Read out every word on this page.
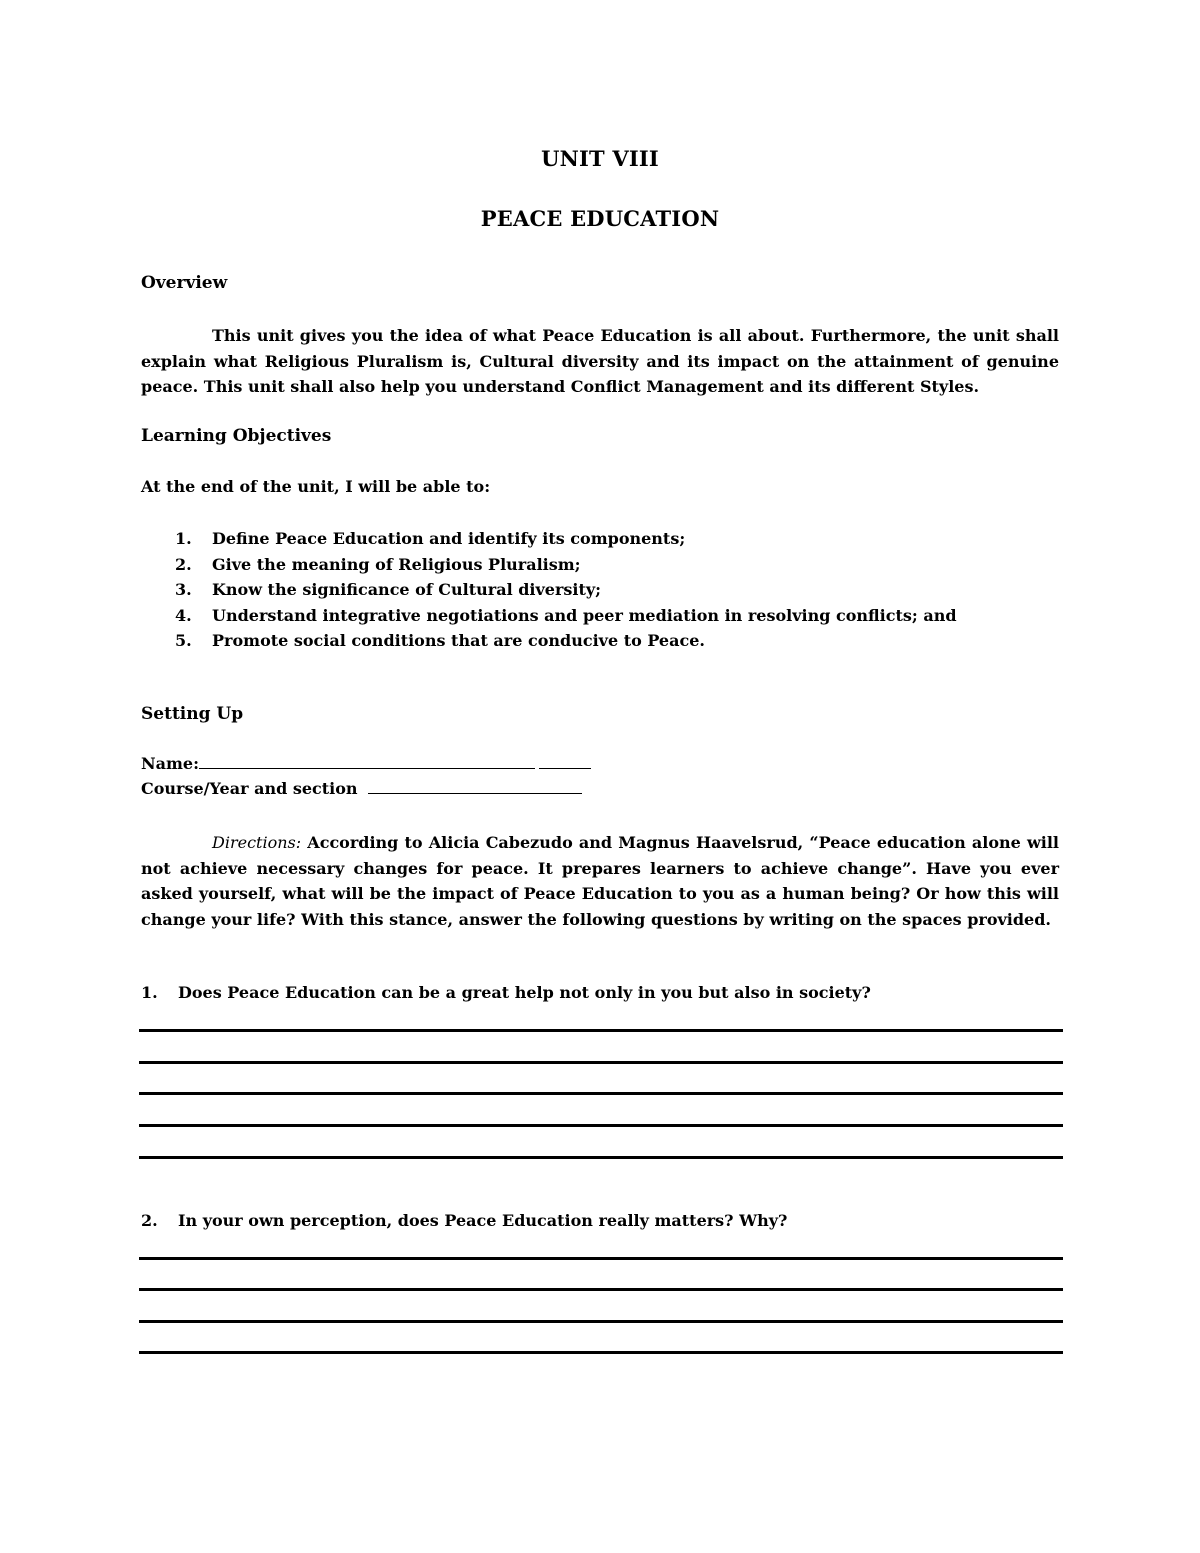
UNIT VIII
PEACE EDUCATION
Overview

This unit gives you the idea of what Peace Education is all about. Furthermore, the unit shall explain what Religious Pluralism is, Cultural diversity and its impact on the attainment of genuine peace. This unit shall also help you understand Conflict Management and its different Styles.

Learning Objectives
At the end of the unit, I will be able to:
1. Define Peace Education and identify its components;
2. Give the meaning of Religious Pluralism;
3. Know the significance of Cultural diversity;
4. Understand integrative negotiations and peer mediation in resolving conflicts; and
5. Promote social conditions that are conducive to Peace.
Setting Up
Name:
Course/Year and section

Directions: According to Alicia Cabezudo and Magnus Haavelsrud, “Peace education alone will not achieve necessary changes for peace. It prepares learners to achieve change”. Have you ever asked yourself, what will be the impact of Peace Education to you as a human being? Or how this will change your life? With this stance, answer the following questions by writing on the spaces provided.

1. Does Peace Education can be a great help not only in you but also in society?
2. In your own perception, does Peace Education really matters? Why?
